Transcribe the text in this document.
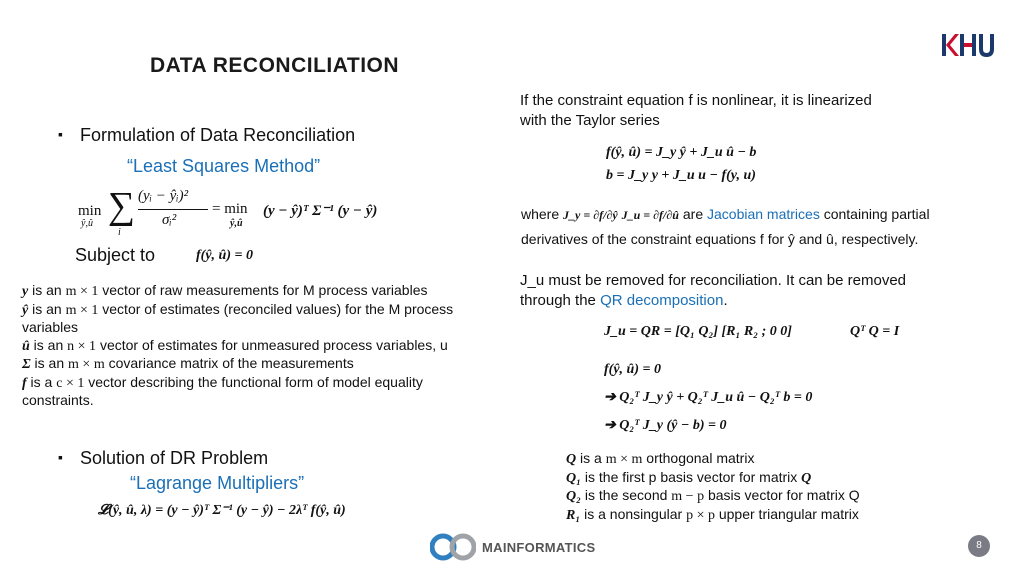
DATA RECONCILIATION
▪ Formulation of Data Reconciliation
“Least Squares Method”
min
ŷ,û ∑
i
(yᵢ − ŷᵢ)²
σᵢ²
= min
ŷ,û
(y − ŷ)ᵀ Σ⁻¹ (y − ŷ)
Subject to	f(ŷ, û) = 0
y is an m × 1 vector of raw measurements for M process variables
ŷ is an m × 1 vector of estimates (reconciled values) for the M process variables
û is an n × 1 vector of estimates for unmeasured process variables, u
Σ is an m × m covariance matrix of the measurements
f is a c × 1 vector describing the functional form of model equality constraints.
▪ Solution of DR Problem
“Lagrange Multipliers”
𝓛(ŷ, û, λ) = (y − ŷ)ᵀ Σ⁻¹ (y − ŷ) − 2λᵀ f(ŷ, û)
If the constraint equation f is nonlinear, it is linearized with the Taylor series
f(ŷ, û) = J_y ŷ + J_u û − b
b = J_y y + J_u u − f(y, u)
where J_y = ∂f/∂ŷ J_u = ∂f/∂û are Jacobian matrices containing partial
derivatives of the constraint equations f for ŷ and û, respectively.
J_u must be removed for reconciliation. It can be removed through the QR decomposition.
J_u = QR = [Q₁ Q₂] [R₁ R₂ ; 0 0]	Qᵀ Q = I
f(ŷ, û) = 0
➔ Q₂ᵀ J_y ŷ + Q₂ᵀ J_u û − Q₂ᵀ b = 0
➔ Q₂ᵀ J_y (ŷ − b) = 0
Q is a m × m orthogonal matrix
Q₁ is the first p basis vector for matrix Q
Q₂ is the second m − p basis vector for matrix Q
R₁ is a nonsingular p × p upper triangular matrix
MAINFORMATICS	8
